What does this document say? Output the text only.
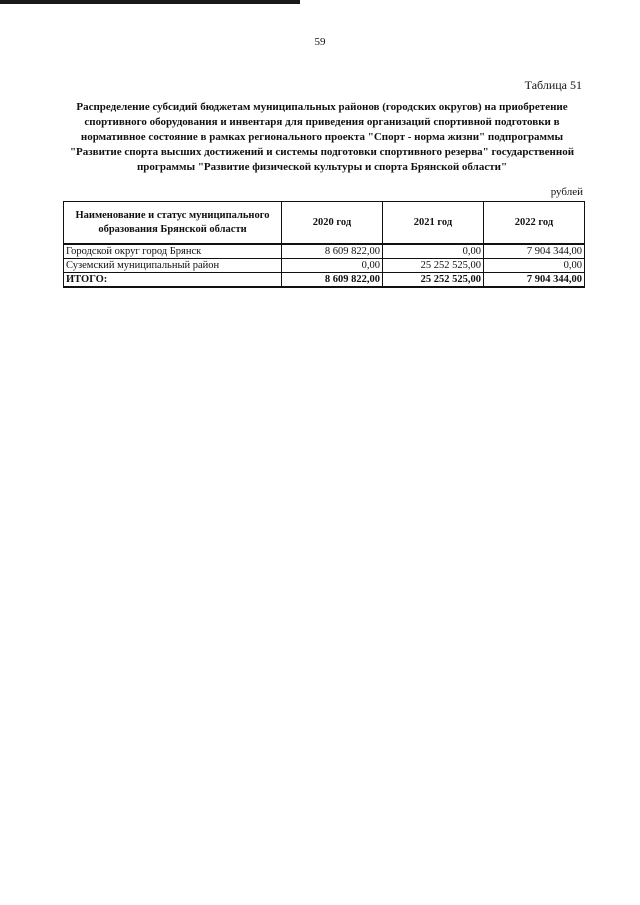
59
Таблица 51
Распределение субсидий бюджетам муниципальных районов (городских округов) на приобретение спортивного оборудования и инвентаря для приведения организаций спортивной подготовки в нормативное состояние в рамках регионального проекта "Спорт - норма жизни" подпрограммы "Развитие спорта высших достижений и системы подготовки спортивного резерва" государственной программы "Развитие физической культуры и спорта Брянской области"
рублей
Наименование и статус муниципального образования Брянской области	2020 год	2021 год	2022 год
Городской округ город Брянск	8 609 822,00	0,00	7 904 344,00
Суземский муниципальный район	0,00	25 252 525,00	0,00
ИТОГО:	8 609 822,00	25 252 525,00	7 904 344,00
